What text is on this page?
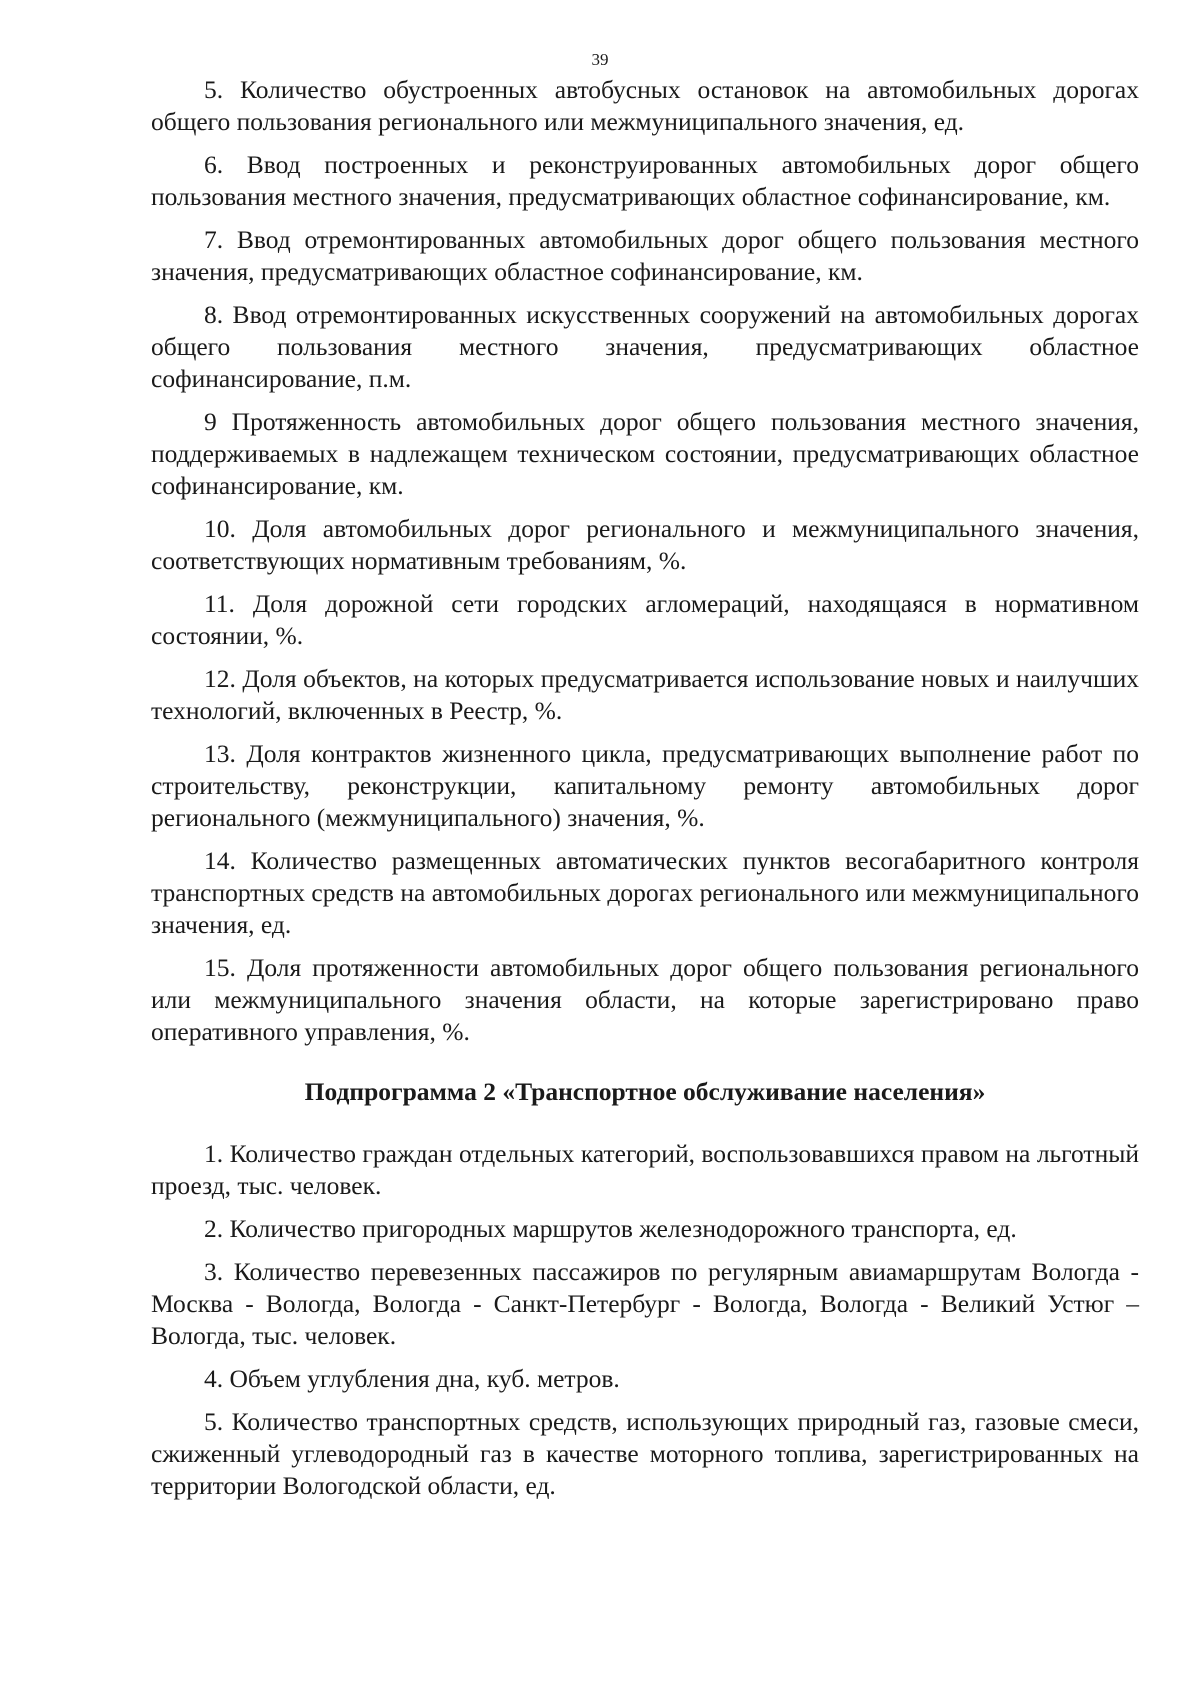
39

5. Количество обустроенных автобусных остановок на автомобильных дорогах общего пользования регионального или межмуниципального значения, ед.

6. Ввод построенных и реконструированных автомобильных дорог общего пользования местного значения, предусматривающих областное софинансирование, км.

7. Ввод отремонтированных автомобильных дорог общего пользования местного значения, предусматривающих областное софинансирование, км.

8. Ввод отремонтированных искусственных сооружений на автомобильных дорогах общего пользования местного значения, предусматривающих областное софинансирование, п.м.

9 Протяженность автомобильных дорог общего пользования местного значения, поддерживаемых в надлежащем техническом состоянии, предусматривающих областное софинансирование, км.

10. Доля автомобильных дорог регионального и межмуниципального значения, соответствующих нормативным требованиям, %.

11. Доля дорожной сети городских агломераций, находящаяся в нормативном состоянии, %.

12. Доля объектов, на которых предусматривается использование новых и наилучших технологий, включенных в Реестр, %.

13. Доля контрактов жизненного цикла, предусматривающих выполнение работ по строительству, реконструкции, капитальному ремонту автомобильных дорог регионального (межмуниципального) значения, %.

14. Количество размещенных автоматических пунктов весогабаритного контроля транспортных средств на автомобильных дорогах регионального или межмуниципального значения, ед.

15. Доля протяженности автомобильных дорог общего пользования регионального или межмуниципального значения области, на которые зарегистрировано право оперативного управления, %.

Подпрограмма 2 «Транспортное обслуживание населения»

1. Количество граждан отдельных категорий, воспользовавшихся правом на льготный проезд, тыс. человек.

2. Количество пригородных маршрутов железнодорожного транспорта, ед.

3. Количество перевезенных пассажиров по регулярным авиамаршрутам Вологда - Москва - Вологда, Вологда - Санкт-Петербург - Вологда, Вологда - Великий Устюг – Вологда, тыс. человек.

4. Объем углубления дна, куб. метров.

5. Количество транспортных средств, использующих природный газ, газовые смеси, сжиженный углеводородный газ в качестве моторного топлива, зарегистрированных на территории Вологодской области, ед.
